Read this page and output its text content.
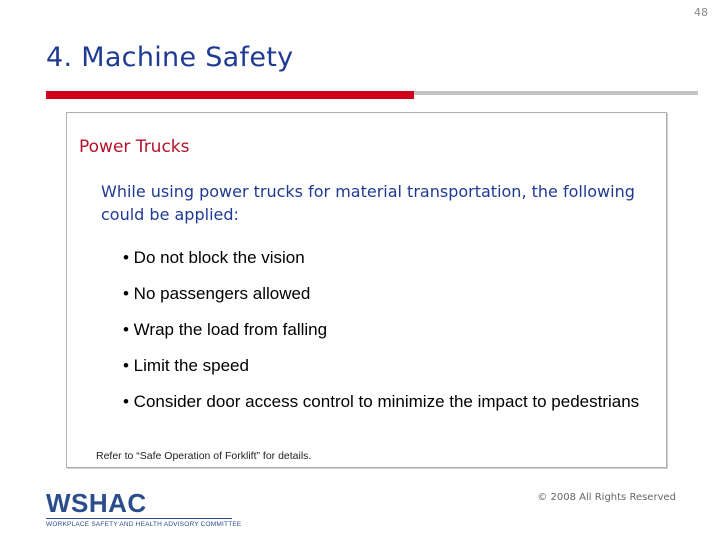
48
4. Machine Safety
Power Trucks
While using power trucks for material transportation, the following could be applied:
• Do not block the vision
• No passengers allowed
• Wrap the load from falling
• Limit the speed
• Consider door access control to minimize the impact to pedestrians
Refer to “Safe Operation of Forklift” for details.
© 2008 All Rights Reserved
WSHAC
WORKPLACE SAFETY AND HEALTH ADVISORY COMMITTEE
